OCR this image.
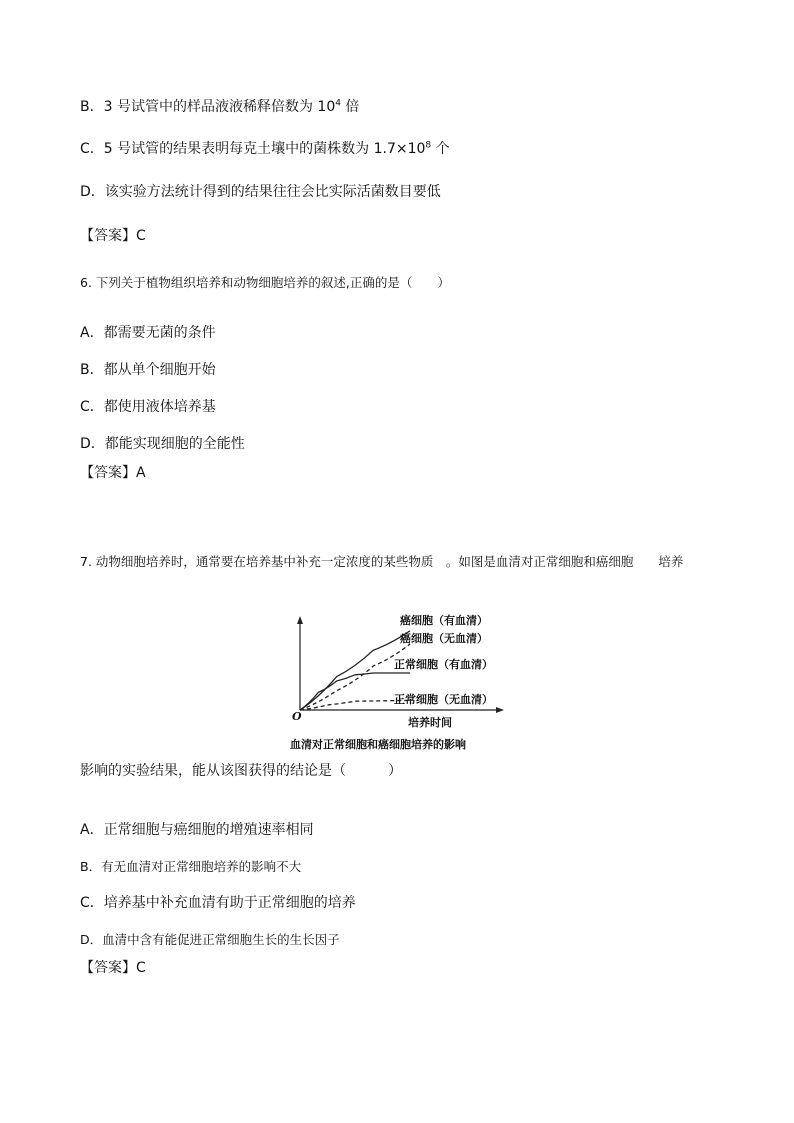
B．3 号试管中的样品液液稀释倍数为 $10^4$ 倍
C．5 号试管的结果表明每克土壤中的菌株数为 $1.7\times 10^8$ 个
D．该实验方法统计得到的结果往往会比实际活菌数目要低
【答案】C
6. 下列关于植物组织培养和动物细胞培养的叙述,正确的是（　　）
A．都需要无菌的条件
B．都从单个细胞开始
C．都使用液体培养基
D．都能实现细胞的全能性
【答案】A
7. 动物细胞培养时，通常要在培养基中补充一定浓度的某些物质　。如图是血清对正常细胞和癌细胞　　培养
O
癌细胞（有血清）
癌细胞（无血清）
正常细胞（有血清）
正常细胞（无血清）
培养时间
血清对正常细胞和癌细胞培养的影响
影响的实验结果，能从该图获得的结论是（　　　）
A．正常细胞与癌细胞的增殖速率相同
B．有无血清对正常细胞培养的影响不大
C．培养基中补充血清有助于正常细胞的培养
D．血清中含有能促进正常细胞生长的生长因子
【答案】C
